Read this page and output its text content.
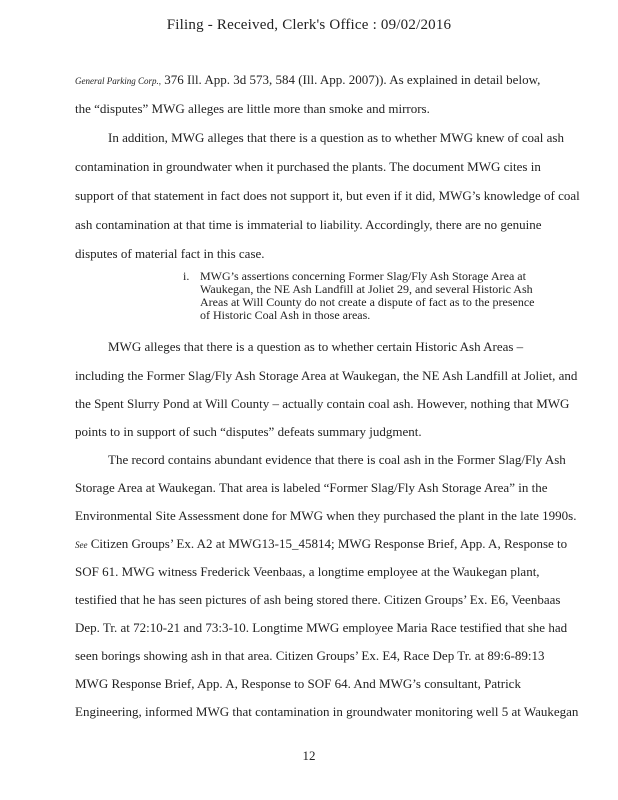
Filing - Received, Clerk's Office : 09/02/2016
General Parking Corp., 376 Ill. App. 3d 573, 584 (Ill. App. 2007)). As explained in detail below,
the “disputes” MWG alleges are little more than smoke and mirrors.
In addition, MWG alleges that there is a question as to whether MWG knew of coal ash
contamination in groundwater when it purchased the plants. The document MWG cites in
support of that statement in fact does not support it, but even if it did, MWG’s knowledge of coal
ash contamination at that time is immaterial to liability. Accordingly, there are no genuine
disputes of material fact in this case.
MWG alleges that there is a question as to whether certain Historic Ash Areas –
including the Former Slag/Fly Ash Storage Area at Waukegan, the NE Ash Landfill at Joliet, and
the Spent Slurry Pond at Will County – actually contain coal ash. However, nothing that MWG
points to in support of such “disputes” defeats summary judgment.
The record contains abundant evidence that there is coal ash in the Former Slag/Fly Ash
Storage Area at Waukegan. That area is labeled “Former Slag/Fly Ash Storage Area” in the
Environmental Site Assessment done for MWG when they purchased the plant in the late 1990s.
See Citizen Groups’ Ex. A2 at MWG13-15_45814; MWG Response Brief, App. A, Response to
SOF 61. MWG witness Frederick Veenbaas, a longtime employee at the Waukegan plant,
testified that he has seen pictures of ash being stored there. Citizen Groups’ Ex. E6, Veenbaas
Dep. Tr. at 72:10-21 and 73:3-10. Longtime MWG employee Maria Race testified that she had
seen borings showing ash in that area. Citizen Groups’ Ex. E4, Race Dep Tr. at 89:6-89:13
MWG Response Brief, App. A, Response to SOF 64. And MWG’s consultant, Patrick
Engineering, informed MWG that contamination in groundwater monitoring well 5 at Waukegan
i. MWG’s assertions concerning Former Slag/Fly Ash Storage Area at
Waukegan, the NE Ash Landfill at Joliet 29, and several Historic Ash
Areas at Will County do not create a dispute of fact as to the presence
of Historic Coal Ash in those areas.
12
